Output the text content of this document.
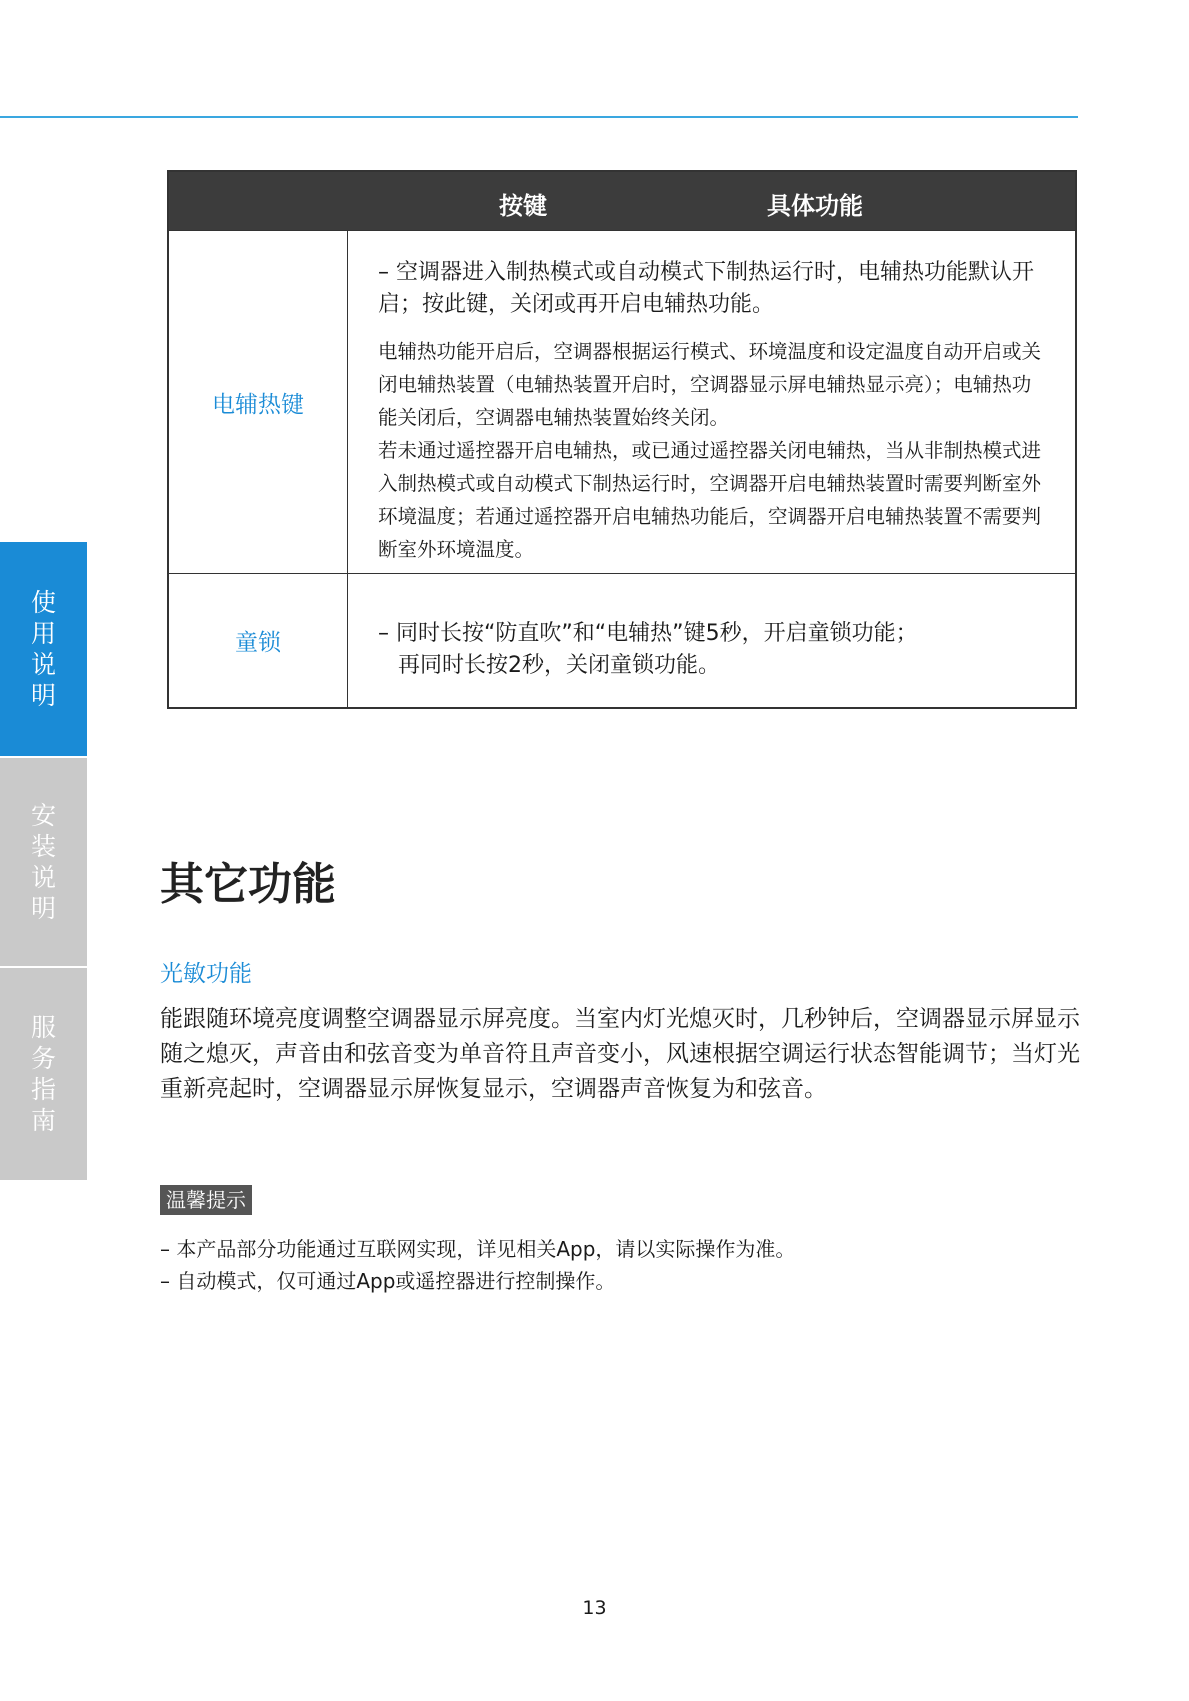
使
用
说
明
安
装
说
明
服
务
指
南
按键	具体功能
电辅热键

– 空调器进入制热模式或自动模式下制热运行时，电辅热功能默认开启；按此键，关闭或再开启电辅热功能。

电辅热功能开启后，空调器根据运行模式、环境温度和设定温度自动开启或关闭电辅热装置（电辅热装置开启时，空调器显示屏电辅热显示亮）；电辅热功能关闭后，空调器电辅热装置始终关闭。
若未通过遥控器开启电辅热，或已通过遥控器关闭电辅热，当从非制热模式进入制热模式或自动模式下制热运行时，空调器开启电辅热装置时需要判断室外环境温度；若通过遥控器开启电辅热功能后，空调器开启电辅热装置不需要判断室外环境温度。

童锁	– 同时长按“防直吹”和“电辅热”键5秒，开启童锁功能；
再同时长按2秒，关闭童锁功能。

其它功能
光敏功能

能跟随环境亮度调整空调器显示屏亮度。当室内灯光熄灭时，几秒钟后，空调器显示屏显示随之熄灭，声音由和弦音变为单音符且声音变小，风速根据空调运行状态智能调节；当灯光重新亮起时，空调器显示屏恢复显示，空调器声音恢复为和弦音。

温馨提示
– 本产品部分功能通过互联网实现，详见相关App，请以实际操作为准。
– 自动模式，仅可通过App或遥控器进行控制操作。
13
